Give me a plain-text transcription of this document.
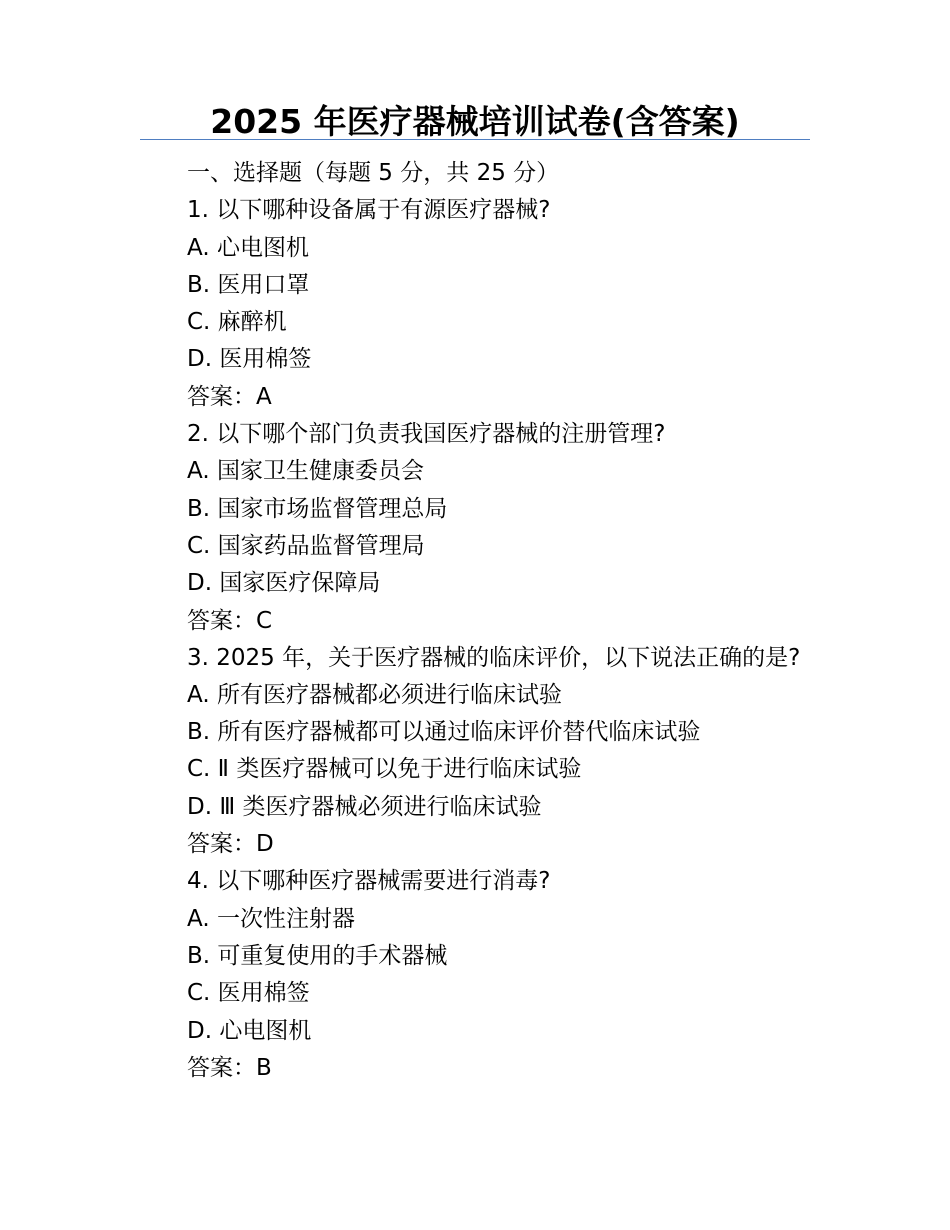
2025 年医疗器械培训试卷(含答案)
一、选择题（每题 5 分，共 25 分）
1. 以下哪种设备属于有源医疗器械?
A. 心电图机
B. 医用口罩
C. 麻醉机
D. 医用棉签
答案：A
2. 以下哪个部门负责我国医疗器械的注册管理?
A. 国家卫生健康委员会
B. 国家市场监督管理总局
C. 国家药品监督管理局
D. 国家医疗保障局
答案：C
3. 2025 年，关于医疗器械的临床评价，以下说法正确的是?
A. 所有医疗器械都必须进行临床试验
B. 所有医疗器械都可以通过临床评价替代临床试验
C. Ⅱ 类医疗器械可以免于进行临床试验
D. Ⅲ 类医疗器械必须进行临床试验
答案：D
4. 以下哪种医疗器械需要进行消毒?
A. 一次性注射器
B. 可重复使用的手术器械
C. 医用棉签
D. 心电图机
答案：B
